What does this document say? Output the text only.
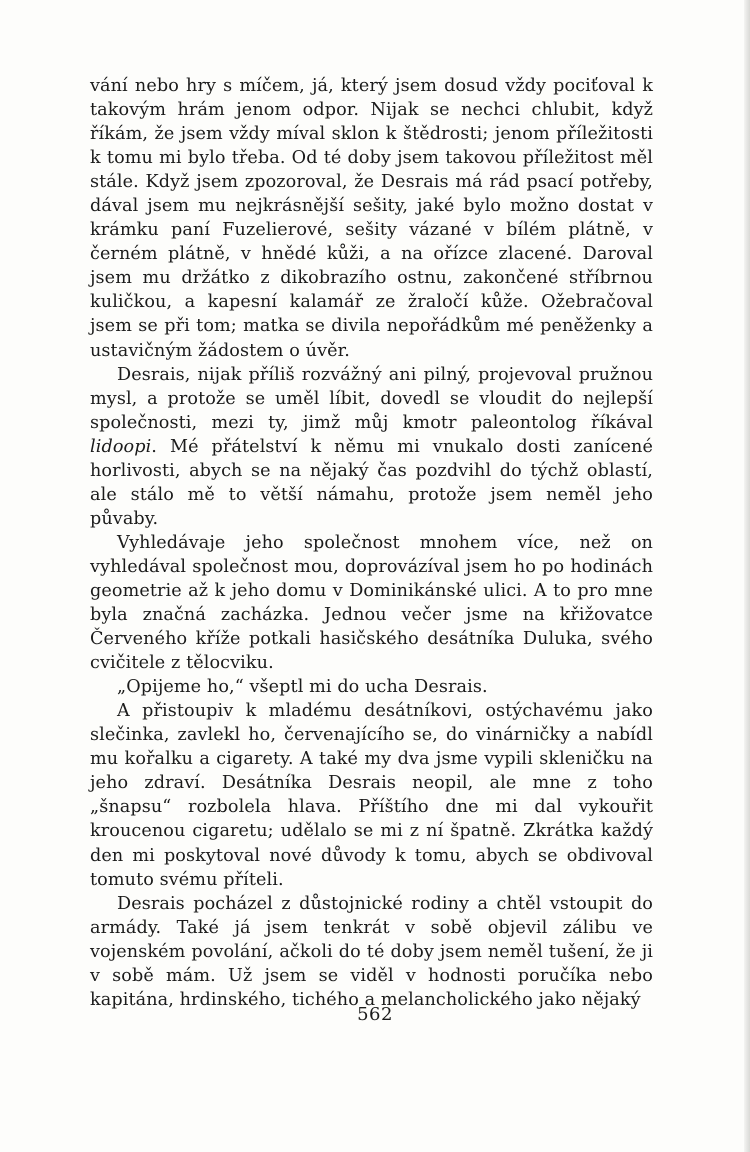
vání nebo hry s míčem, já, který jsem dosud vždy pociťoval k takovým hrám jenom odpor. Nijak se nechci chlubit, když říkám, že jsem vždy míval sklon k štědrosti; jenom příležitosti k tomu mi bylo třeba. Od té doby jsem takovou příležitost měl stále. Když jsem zpozoroval, že Desrais má rád psací potřeby, dával jsem mu nejkrásnější sešity, jaké bylo možno dostat v krámku paní Fuzelierové, sešity vázané v bílém plátně, v černém plátně, v hnědé kůži, a na ořízce zlacené. Daroval jsem mu držátko z dikobrazího ostnu, zakončené stříbrnou kuličkou, a kapesní kalamář ze žraločí kůže. Ožebračoval jsem se při tom; matka se divila nepořádkům mé peněženky a ustavičným žádostem o úvěr.

Desrais, nijak příliš rozvážný ani pilný, projevoval pružnou mysl, a protože se uměl líbit, dovedl se vloudit do nejlepší společnosti, mezi ty, jimž můj kmotr paleontolog říkával lidoopi. Mé přátelství k němu mi vnukalo dosti zanícené horlivosti, abych se na nějaký čas pozdvihl do týchž oblastí, ale stálo mě to větší námahu, protože jsem neměl jeho půvaby.

Vyhledávaje jeho společnost mnohem více, než on vyhledával společnost mou, doprovázíval jsem ho po hodinách geometrie až k jeho domu v Dominikánské ulici. A to pro mne byla značná zacházka. Jednou večer jsme na křižovatce Červeného kříže potkali hasičského desátníka Duluka, svého cvičitele z tělocviku.

„Opijeme ho,“ všeptl mi do ucha Desrais.

A přistoupiv k mladému desátníkovi, ostýchavému jako slečinka, zavlekl ho, červenajícího se, do vinárničky a nabídl mu kořalku a cigarety. A také my dva jsme vypili skleničku na jeho zdraví. Desátníka Desrais neopil, ale mne z toho „šnapsu“ rozbolela hlava. Příštího dne mi dal vykouřit kroucenou cigaretu; udělalo se mi z ní špatně. Zkrátka každý den mi poskytoval nové důvody k tomu, abych se obdivoval tomuto svému příteli.

Desrais pocházel z důstojnické rodiny a chtěl vstoupit do armády. Také já jsem tenkrát v sobě objevil zálibu ve vojenském povolání, ačkoli do té doby jsem neměl tušení, že ji v sobě mám. Už jsem se viděl v hodnosti poručíka nebo kapitána, hrdinského, tichého a melancholického jako nějaký

562
